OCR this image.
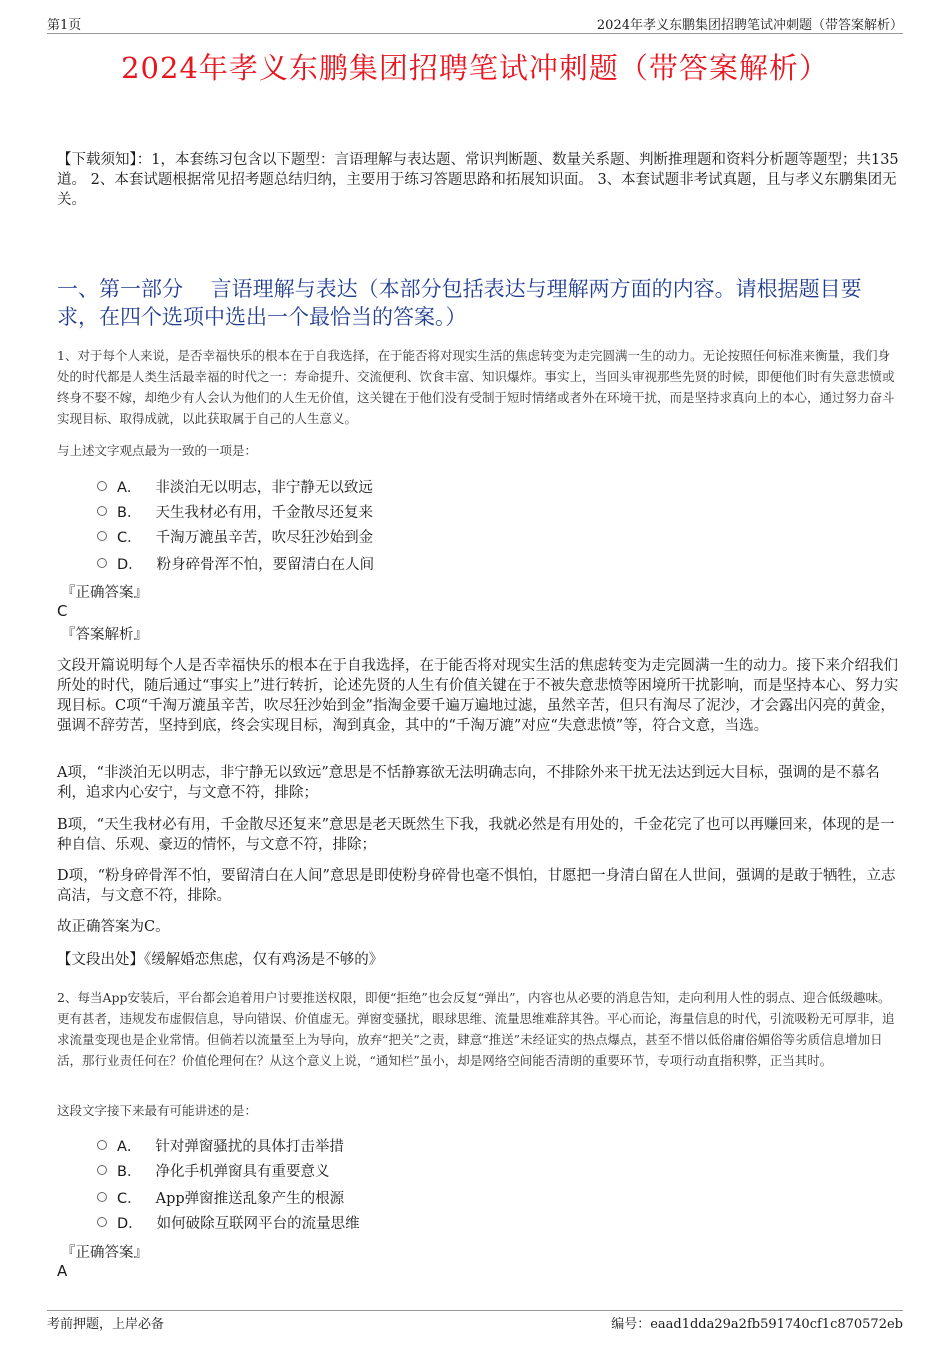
第1页	2024年孝义东鹏集团招聘笔试冲刺题（带答案解析）
2024年孝义东鹏集团招聘笔试冲刺题（带答案解析）
【下载须知】：1，本套练习包含以下题型：言语理解与表达题、常识判断题、数量关系题、判断推理题和资料分析题等题型；共135道。 2、本套试题根据常见招考题总结归纳，主要用于练习答题思路和拓展知识面。 3、本套试题非考试真题，且与孝义东鹏集团无关。
一、第一部分　 言语理解与表达（本部分包括表达与理解两方面的内容。请根据题目要求，在四个选项中选出一个最恰当的答案。）
1、对于每个人来说，是否幸福快乐的根本在于自我选择，在于能否将对现实生活的焦虑转变为走完圆满一生的动力。无论按照任何标准来衡量，我们身处的时代都是人类生活最幸福的时代之一：寿命提升、交流便利、饮食丰富、知识爆炸。事实上，当回头审视那些先贤的时候，即便他们时有失意悲愤或终身不娶不嫁，却绝少有人会认为他们的人生无价值，这关键在于他们没有受制于短时情绪或者外在环境干扰，而是坚持求真向上的本心，通过努力奋斗实现目标、取得成就，以此获取属于自己的人生意义。
与上述文字观点最为一致的一项是：
A． 非淡泊无以明志，非宁静无以致远
B． 天生我材必有用，千金散尽还复来
C． 千淘万漉虽辛苦，吹尽狂沙始到金
D． 粉身碎骨浑不怕，要留清白在人间
『正确答案』
C
『答案解析』
文段开篇说明每个人是否幸福快乐的根本在于自我选择，在于能否将对现实生活的焦虑转变为走完圆满一生的动力。接下来介绍我们所处的时代，随后通过“事实上”进行转折，论述先贤的人生有价值关键在于不被失意悲愤等困境所干扰影响，而是坚持本心、努力实现目标。C项“千淘万漉虽辛苦，吹尽狂沙始到金”指淘金要千遍万遍地过滤，虽然辛苦，但只有淘尽了泥沙，才会露出闪亮的黄金，强调不辞劳苦，坚持到底，终会实现目标，淘到真金，其中的“千淘万漉”对应“失意悲愤”等，符合文意，当选。
A项，“非淡泊无以明志，非宁静无以致远”意思是不恬静寡欲无法明确志向，不排除外来干扰无法达到远大目标，强调的是不慕名利，追求内心安宁，与文意不符，排除；
B项，“天生我材必有用，千金散尽还复来”意思是老天既然生下我，我就必然是有用处的，千金花完了也可以再赚回来，体现的是一种自信、乐观、豪迈的情怀，与文意不符，排除；
D项，“粉身碎骨浑不怕，要留清白在人间”意思是即使粉身碎骨也毫不惧怕，甘愿把一身清白留在人世间，强调的是敢于牺牲，立志高洁，与文意不符，排除。
故正确答案为C。
【文段出处】《缓解婚恋焦虑，仅有鸡汤是不够的》
2、每当App安装后，平台都会追着用户讨要推送权限，即便“拒绝”也会反复“弹出”，内容也从必要的消息告知，走向利用人性的弱点、迎合低级趣味。更有甚者，违规发布虚假信息，导向错误、价值虚无。弹窗变骚扰，眼球思维、流量思维难辞其咎。平心而论，海量信息的时代，引流吸粉无可厚非，追求流量变现也是企业常情。但倘若以流量至上为导向，放弃“把关”之责，肆意“推送”未经证实的热点爆点，甚至不惜以低俗庸俗媚俗等劣质信息增加日活，那行业责任何在？价值伦理何在？从这个意义上说，“通知栏”虽小，却是网络空间能否清朗的重要环节，专项行动直指积弊，正当其时。
这段文字接下来最有可能讲述的是：
A． 针对弹窗骚扰的具体打击举措
B． 净化手机弹窗具有重要意义
C． App弹窗推送乱象产生的根源
D． 如何破除互联网平台的流量思维
『正确答案』
A
考前押题，上岸必备	编号：eaad1dda29a2fb591740cf1c870572eb
